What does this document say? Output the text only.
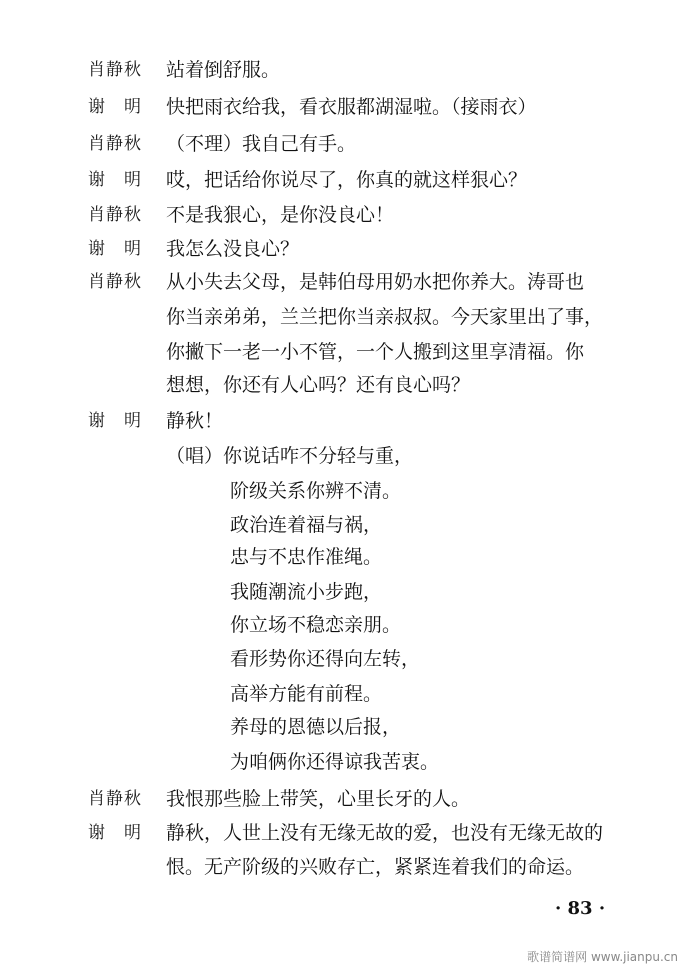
肖静秋 站着倒舒服。
谢　明 快把雨衣给我，看衣服都湖湿啦。（接雨衣）
肖静秋 （不理）我自己有手。
谢　明 哎，把话给你说尽了，你真的就这样狠心？
肖静秋 不是我狠心，是你没良心！
谢　明 我怎么没良心？
肖静秋 从小失去父母，是韩伯母用奶水把你养大。涛哥也
你当亲弟弟，兰兰把你当亲叔叔。今天家里出了事，
你撇下一老一小不管，一个人搬到这里享清福。你
想想，你还有人心吗？还有良心吗？
谢　明 静秋！
（唱）你说话咋不分轻与重，
阶级关系你辨不清。
政治连着福与祸，
忠与不忠作准绳。
我随潮流小步跑，
你立场不稳恋亲朋。
看形势你还得向左转，
高举方能有前程。
养母的恩德以后报，
为咱俩你还得谅我苦衷。
肖静秋 我恨那些脸上带笑，心里长牙的人。
谢　明 静秋，人世上没有无缘无故的爱，也没有无缘无故的
恨。无产阶级的兴败存亡，紧紧连着我们的命运。
· 83 ·
歌谱简谱网 www.jianpu.cn
